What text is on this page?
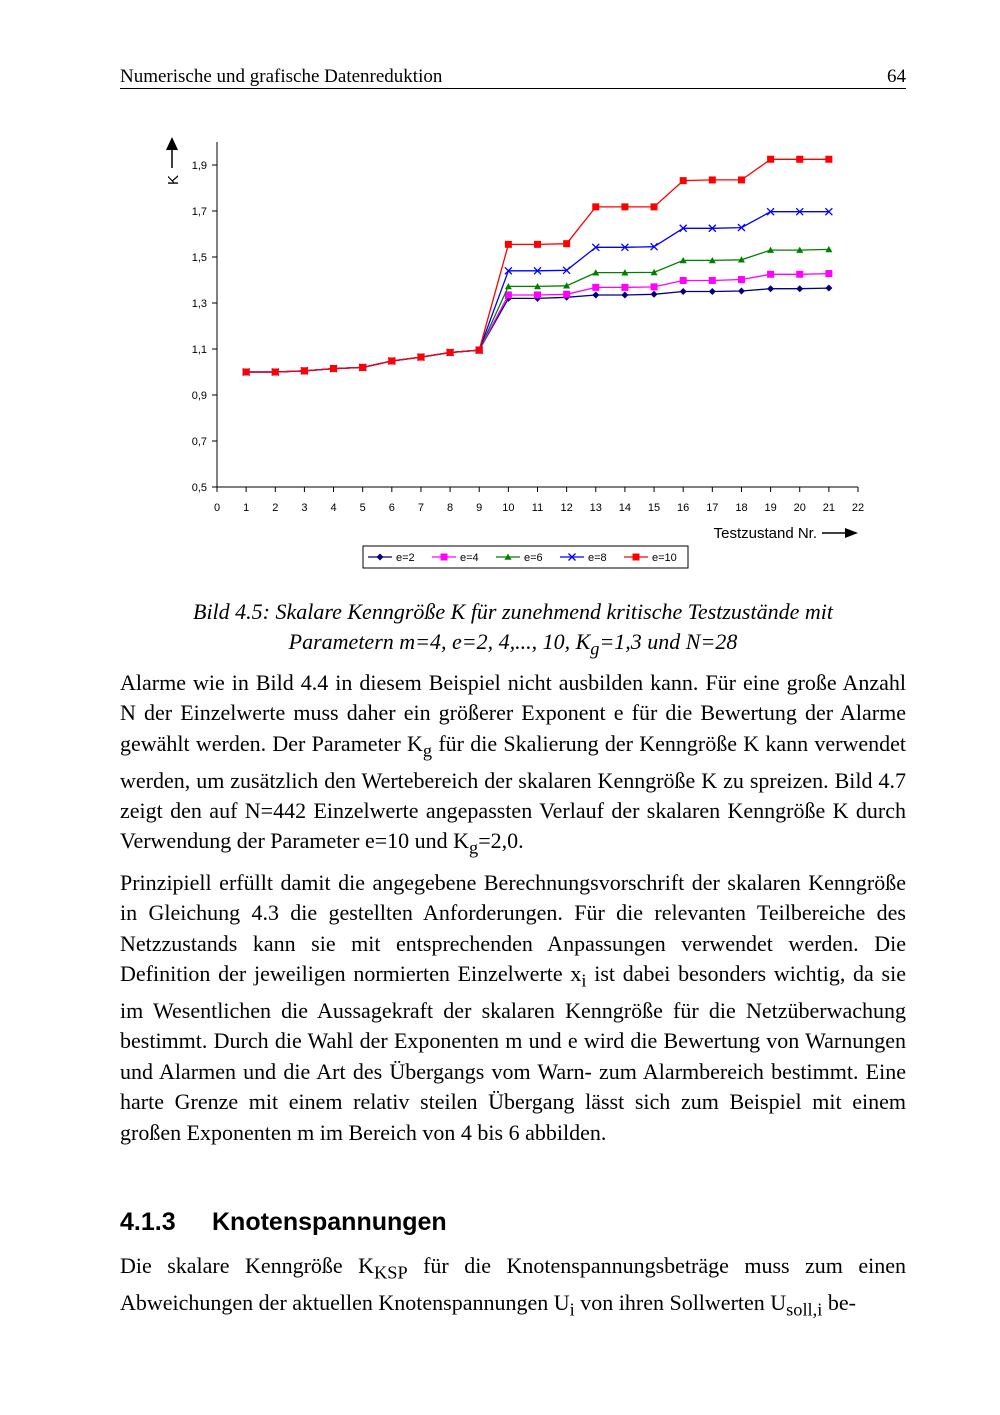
Numerische und grafische Datenreduktion	64
0,5
0,7
0,9
1,1
1,3
1,5
1,7
1,9
0 1 2 3 4 5 6 7 8 9 10 11 12 13 14 15 16 17 18 19 20 21 22
K
Testzustand Nr.
e=2	e=4	e=6	e=8	e=10
Bild 4.5: Skalare Kenngröße K für zunehmend kritische Testzustände mit
Parametern m=4, e=2, 4,..., 10, $K_g=1,3$ und N=28

Alarme wie in Bild 4.4 in diesem Beispiel nicht ausbilden kann. Für eine große Anzahl N der Einzelwerte muss daher ein größerer Exponent e für die Bewertung der Alarme gewählt werden. Der Parameter $K_g$ für die Skalierung der Kenngröße K kann verwendet werden, um zusätzlich den Wertebereich der skalaren Kenngröße K zu spreizen. Bild 4.7 zeigt den auf N=442 Einzelwerte angepassten Verlauf der skalaren Kenngröße K durch Verwendung der Parameter e=10 und $K_g=2,0$.

Prinzipiell erfüllt damit die angegebene Berechnungsvorschrift der skalaren Kenngröße in Gleichung 4.3 die gestellten Anforderungen. Für die relevanten Teilbereiche des Netzzustands kann sie mit entsprechenden Anpassungen verwendet werden. Die Definition der jeweiligen normierten Einzelwerte $x_i$ ist dabei besonders wichtig, da sie im Wesentlichen die Aussagekraft der skalaren Kenngröße für die Netzüberwachung bestimmt. Durch die Wahl der Exponenten m und e wird die Bewertung von Warnungen und Alarmen und die Art des Übergangs vom Warn- zum Alarmbereich bestimmt. Eine harte Grenze mit einem relativ steilen Übergang lässt sich zum Beispiel mit einem großen Exponenten m im Bereich von 4 bis 6 abbilden.

4.1.3 Knotenspannungen

Die skalare Kenngröße $K_{KSP}$ für die Knotenspannungsbeträge muss zum einen Abweichungen der aktuellen Knotenspannungen $U_i$ von ihren Sollwerten $U_{soll,i}$ be-
